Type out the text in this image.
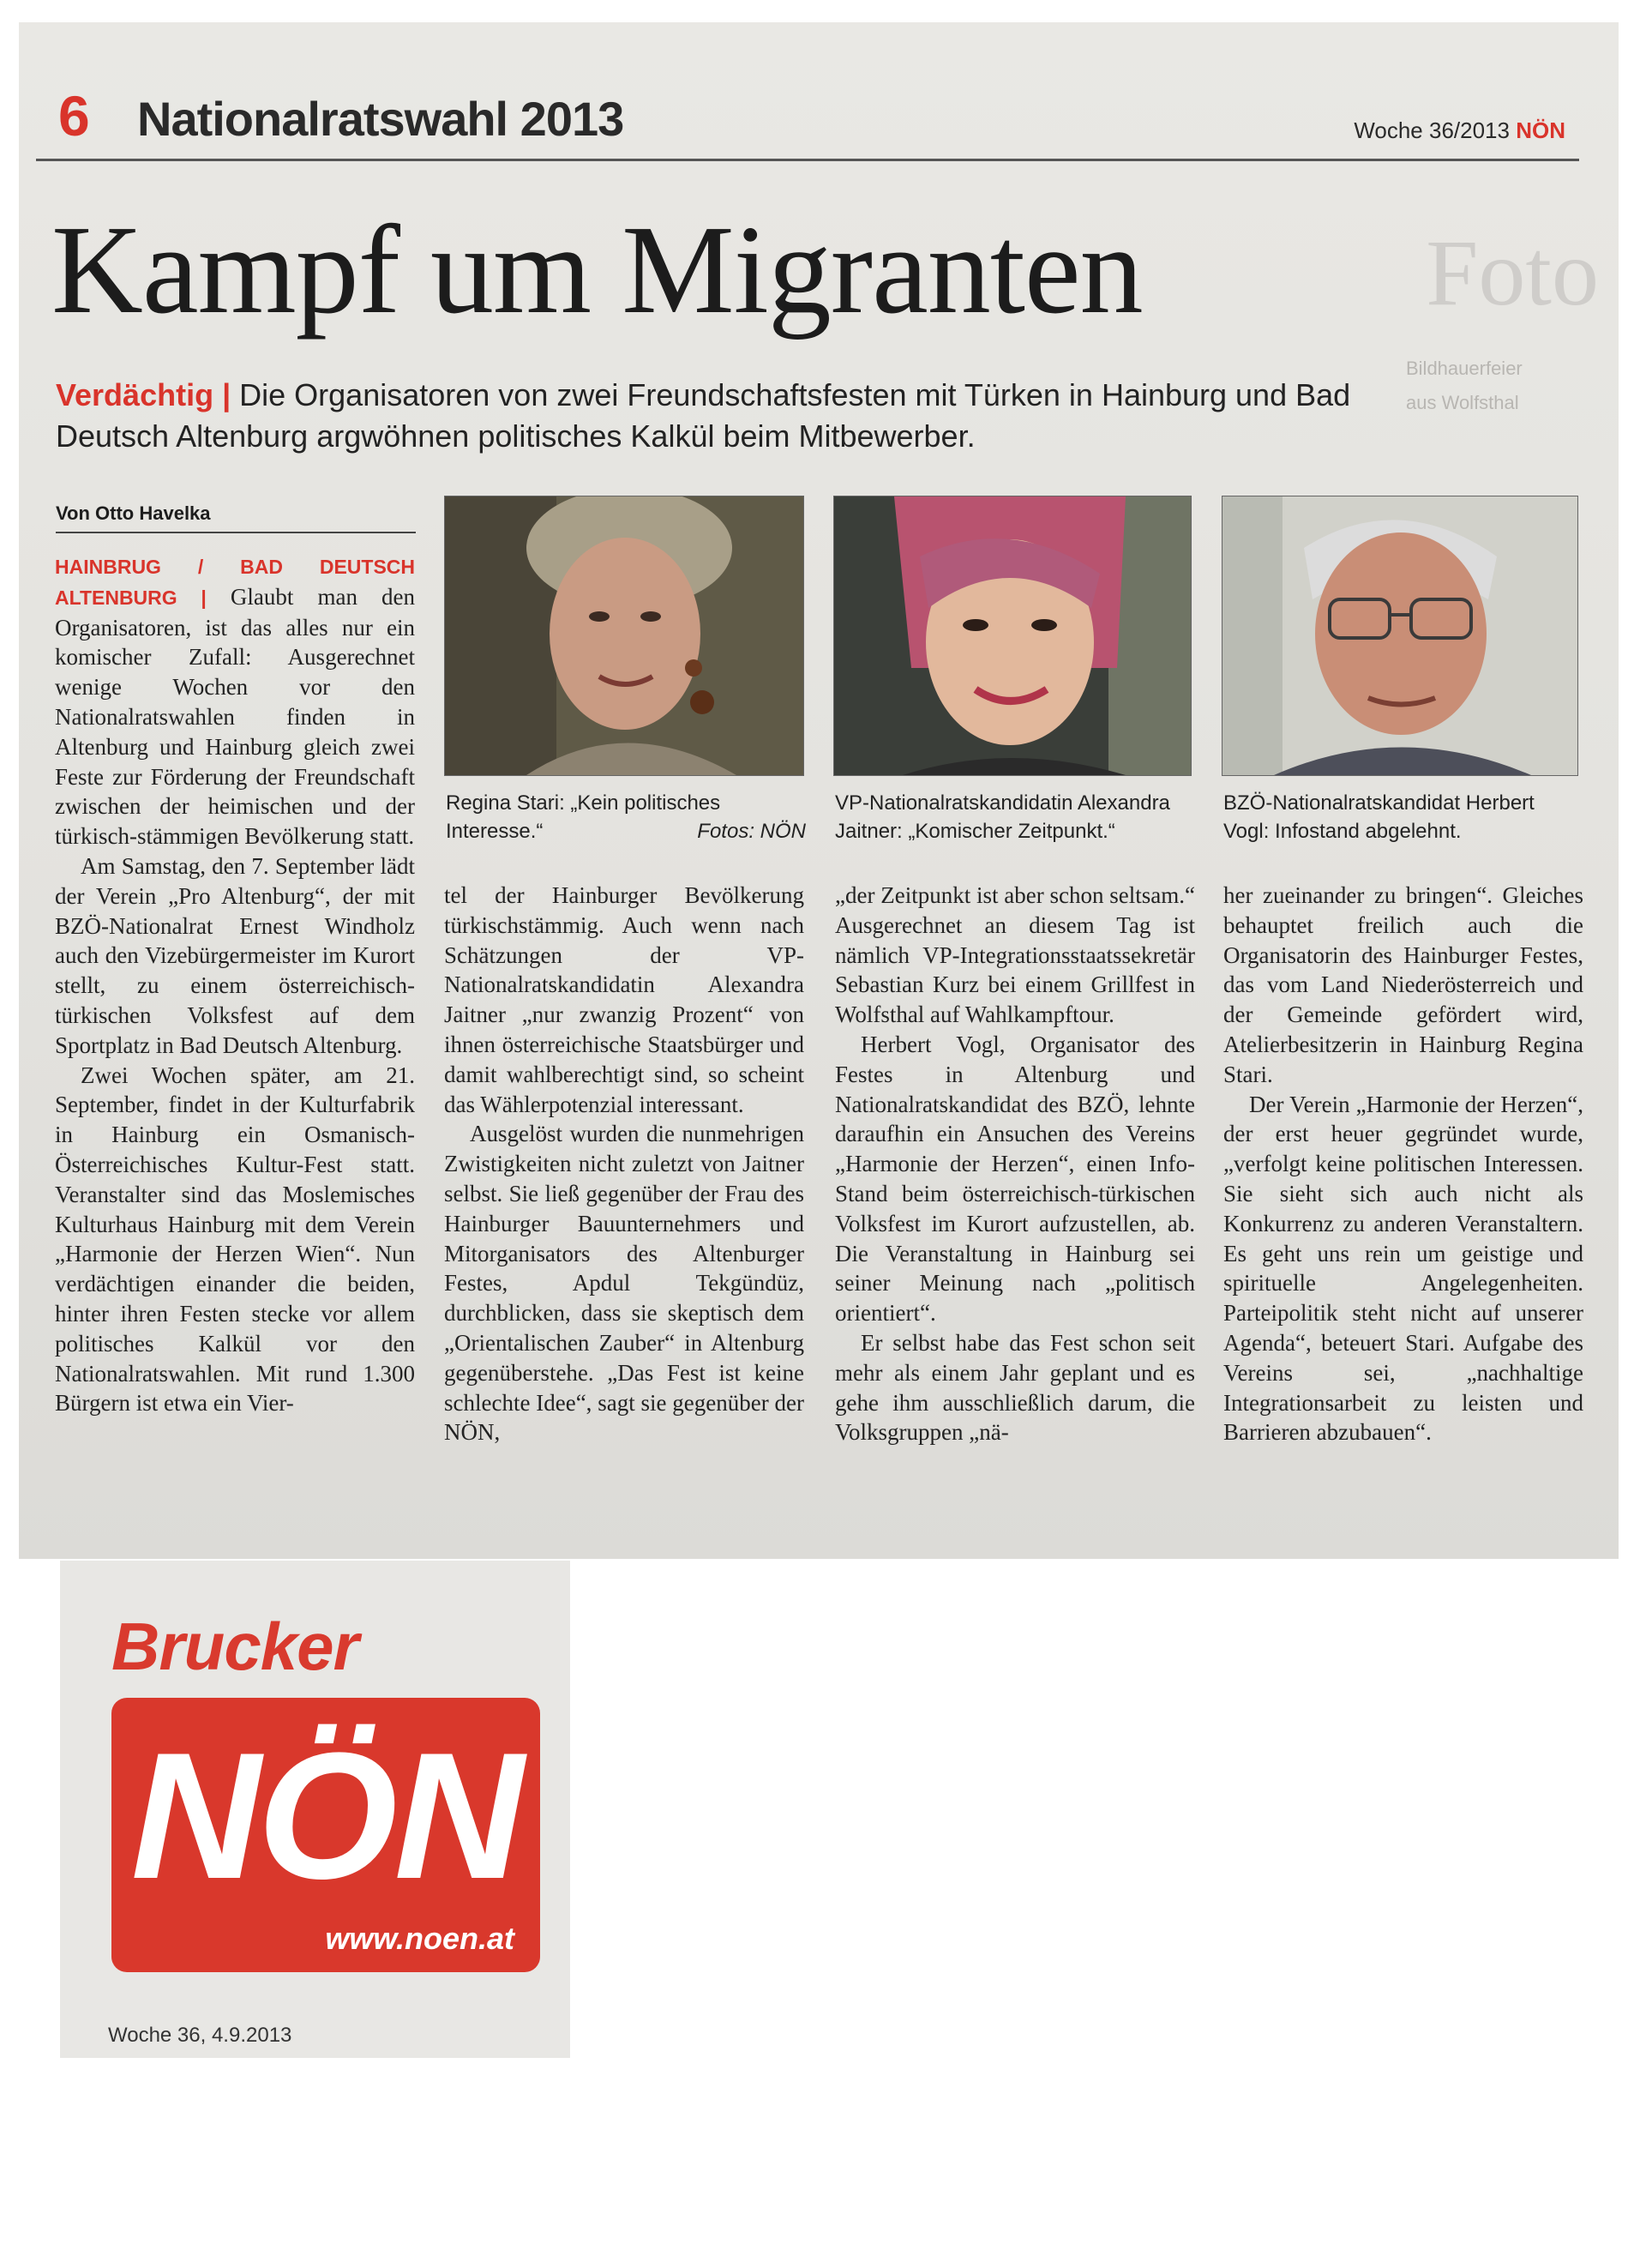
Foto
Bildhauerfeier
aus Wolfsthal
6 Nationalratswahl 2013	Woche 36/2013 NÖN
Kampf um Migranten
Verdächtig | Die Organisatoren von zwei Freundschaftsfesten mit Türken in Hainburg und Bad Deutsch Altenburg argwöhnen politisches Kalkül beim Mitbewerber.
Von Otto Havelka
Regina Stari: „Kein politisches Interesse.“	Fotos: NÖN
VP-Nationalratskandidatin Alexandra Jaitner: „Komischer Zeitpunkt.“
BZÖ-Nationalratskandidat Herbert Vogl: Infostand abgelehnt.

HAINBRUG / BAD DEUTSCH ALTENBURG | Glaubt man den Organisatoren, ist das alles nur ein komischer Zufall: Ausgerechnet wenige Wochen vor den Nationalratswahlen finden in Altenburg und Hainburg gleich zwei Feste zur Förderung der Freundschaft zwischen der heimischen und der türkisch-stämmigen Bevölkerung statt.

Am Samstag, den 7. September lädt der Verein „Pro Altenburg“, der mit BZÖ-Nationalrat Ernest Windholz auch den Vizebürgermeister im Kurort stellt, zu einem österreichisch-türkischen Volksfest auf dem Sportplatz in Bad Deutsch Altenburg.

Zwei Wochen später, am 21. September, findet in der Kulturfabrik in Hainburg ein Osmanisch-Österreichisches Kultur-Fest statt. Veranstalter sind das Moslemisches Kulturhaus Hainburg mit dem Verein „Harmonie der Herzen Wien“. Nun verdächtigen einander die beiden, hinter ihren Festen stecke vor allem politisches Kalkül vor den Nationalratswahlen. Mit rund 1.300 Bürgern ist etwa ein Vier-

tel der Hainburger Bevölkerung türkischstämmig. Auch wenn nach Schätzungen der VP-Nationalratskandidatin Alexandra Jaitner „nur zwanzig Prozent“ von ihnen österreichische Staatsbürger und damit wahlberechtigt sind, so scheint das Wählerpotenzial interessant.

Ausgelöst wurden die nunmehrigen Zwistigkeiten nicht zuletzt von Jaitner selbst. Sie ließ gegenüber der Frau des Hainburger Bauunternehmers und Mitorganisators des Altenburger Festes, Apdul Tekgündüz, durchblicken, dass sie skeptisch dem „Orientalischen Zauber“ in Altenburg gegenüberstehe. „Das Fest ist keine schlechte Idee“, sagt sie gegenüber der NÖN,

„der Zeitpunkt ist aber schon seltsam.“ Ausgerechnet an diesem Tag ist nämlich VP-Integrationsstaatssekretär Sebastian Kurz bei einem Grillfest in Wolfsthal auf Wahlkampftour.

Herbert Vogl, Organisator des Festes in Altenburg und Nationalratskandidat des BZÖ, lehnte daraufhin ein Ansuchen des Vereins „Harmonie der Herzen“, einen Info-Stand beim österreichisch-türkischen Volksfest im Kurort aufzustellen, ab. Die Veranstaltung in Hainburg sei seiner Meinung nach „politisch orientiert“.

Er selbst habe das Fest schon seit mehr als einem Jahr geplant und es gehe ihm ausschließlich darum, die Volksgruppen „nä-

her zueinander zu bringen“. Gleiches behauptet freilich auch die Organisatorin des Hainburger Festes, das vom Land Niederösterreich und der Gemeinde gefördert wird, Atelierbesitzerin in Hainburg Regina Stari.

Der Verein „Harmonie der Herzen“, der erst heuer gegründet wurde, „verfolgt keine politischen Interessen. Sie sieht sich auch nicht als Konkurrenz zu anderen Veranstaltern. Es geht uns rein um geistige und spirituelle Angelegenheiten. Parteipolitik steht nicht auf unserer Agenda“, beteuert Stari. Aufgabe des Vereins sei, „nachhaltige Integrationsarbeit zu leisten und Barrieren abzubauen“.

Brucker
NÖN
www.noen.at
Woche 36, 4.9.2013
